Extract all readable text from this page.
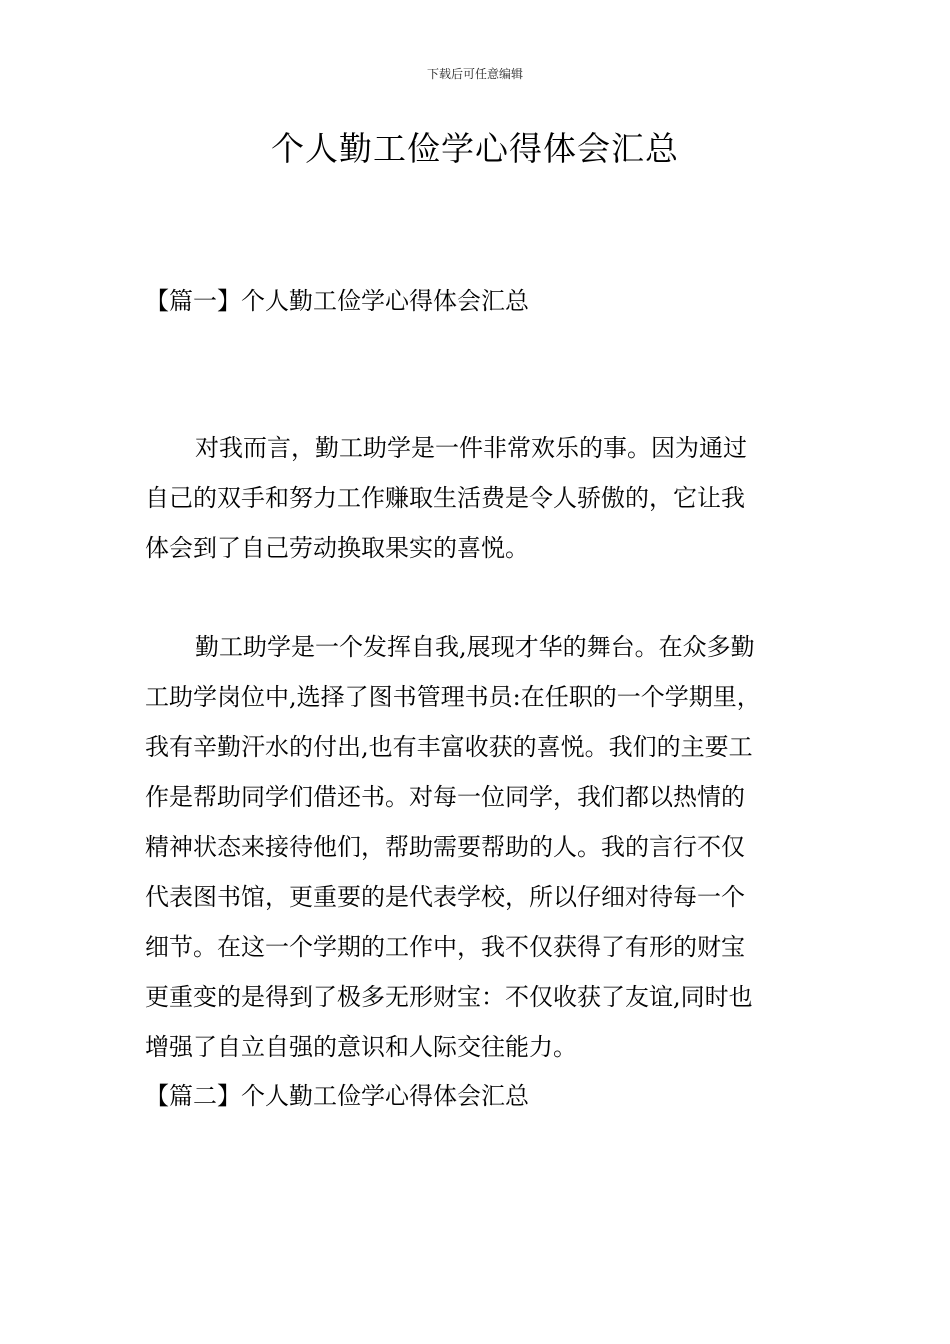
下载后可任意编辑
个人勤工俭学心得体会汇总
【篇一】个人勤工俭学心得体会汇总
对我而言，勤工助学是一件非常欢乐的事。因为通过
自己的双手和努力工作赚取生活费是令人骄傲的，它让我
体会到了自己劳动换取果实的喜悦。
勤工助学是一个发挥自我,展现才华的舞台。在众多勤
工助学岗位中,选择了图书管理书员:在任职的一个学期里，
我有辛勤汗水的付出,也有丰富收获的喜悦。我们的主要工
作是帮助同学们借还书。对每一位同学，我们都以热情的
精神状态来接待他们，帮助需要帮助的人。我的言行不仅
代表图书馆，更重要的是代表学校，所以仔细对待每一个
细节。在这一个学期的工作中，我不仅获得了有形的财宝
更重变的是得到了极多无形财宝：不仅收获了友谊,同时也
增强了自立自强的意识和人际交往能力。
【篇二】个人勤工俭学心得体会汇总
